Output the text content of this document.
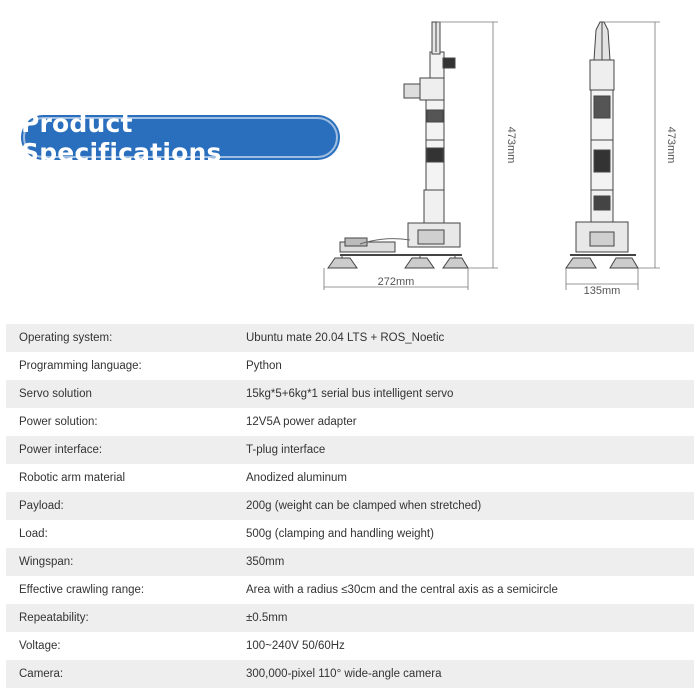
Product Specifications	473mm
272mm
473mm
135mm
Operating system:	Ubuntu mate 20.04 LTS + ROS_Noetic
Programming language:	Python
Servo solution	15kg*5+6kg*1 serial bus intelligent servo
Power solution:	12V5A power adapter
Power interface:	T-plug interface
Robotic arm material	Anodized aluminum
Payload:	200g (weight can be clamped when stretched)
Load:	500g (clamping and handling weight)
Wingspan:	350mm
Effective crawling range:	Area with a radius ≤30cm and the central axis as a semicircle
Repeatability:	±0.5mm
Voltage:	100~240V 50/60Hz
Camera:	300,000-pixel 110° wide-angle camera
